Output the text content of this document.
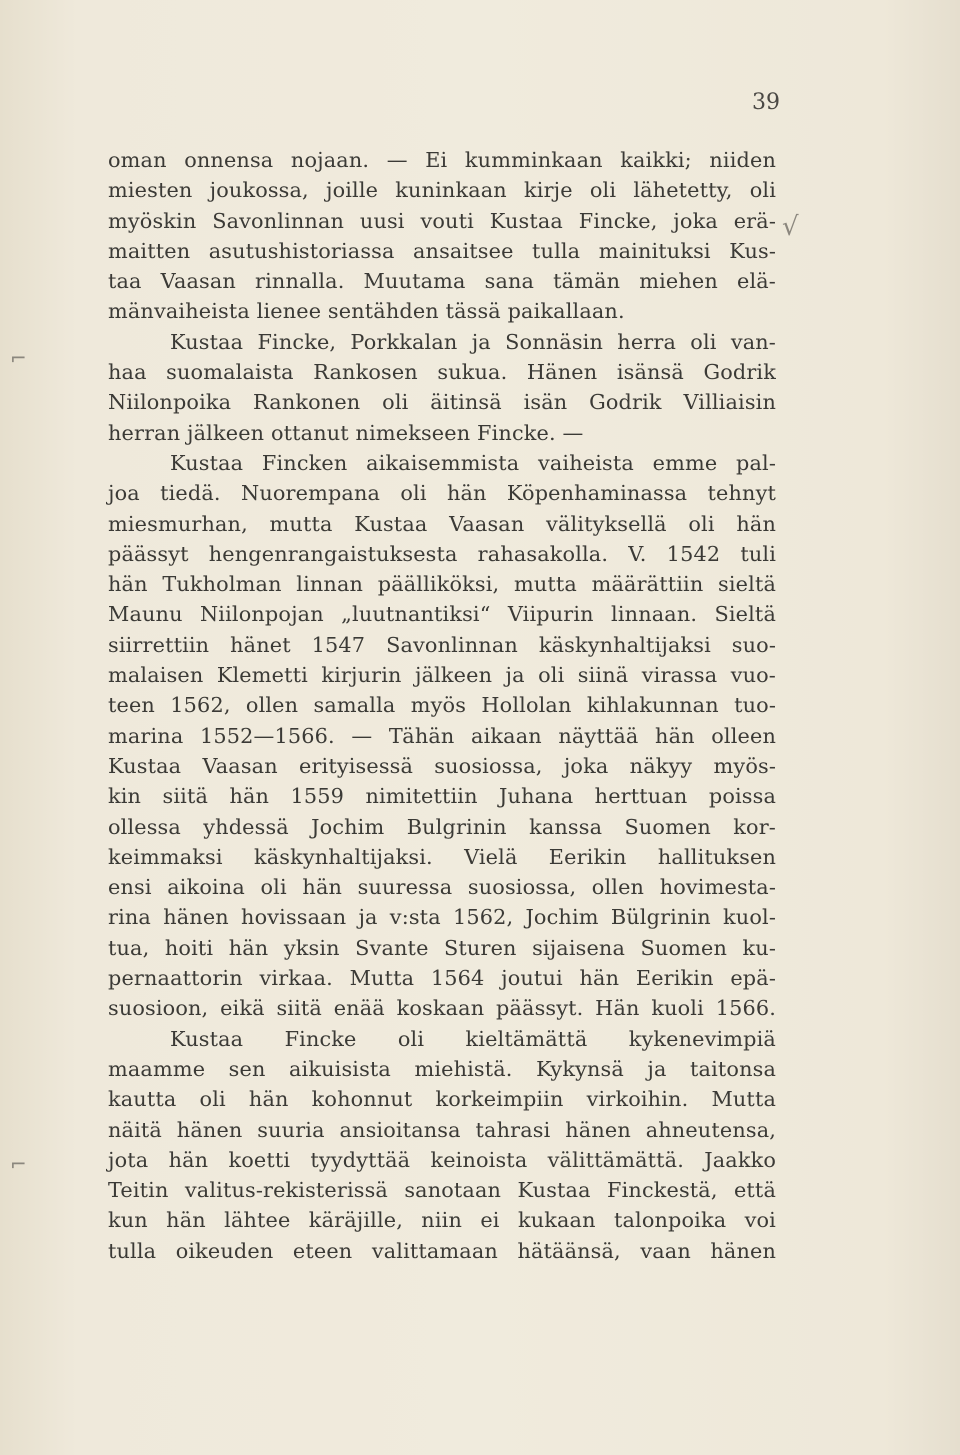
39
√
⌐
⌐
oman onnensa nojaan. — Ei kumminkaan kaikki; niiden
miesten joukossa, joille kuninkaan kirje oli lähetetty, oli
myöskin Savonlinnan uusi vouti Kustaa Fincke, joka erä-
maitten asutushistoriassa ansaitsee tulla mainituksi Kus-
taa Vaasan rinnalla. Muutama sana tämän miehen elä-
mänvaiheista lienee sentähden tässä paikallaan.
Kustaa Fincke, Porkkalan ja Sonnäsin herra oli van-
haa suomalaista Rankosen sukua. Hänen isänsä Godrik
Niilonpoika Rankonen oli äitinsä isän Godrik Villiaisin
herran jälkeen ottanut nimekseen Fincke. —
Kustaa Fincken aikaisemmista vaiheista emme pal-
joa tiedä. Nuorempana oli hän Köpenhaminassa tehnyt
miesmurhan, mutta Kustaa Vaasan välityksellä oli hän
päässyt hengenrangaistuksesta rahasakolla. V. 1542 tuli
hän Tukholman linnan päälliköksi, mutta määrättiin sieltä
Maunu Niilonpojan „luutnantiksi“ Viipurin linnaan. Sieltä
siirrettiin hänet 1547 Savonlinnan käskynhaltijaksi suo-
malaisen Klemetti kirjurin jälkeen ja oli siinä virassa vuo-
teen 1562, ollen samalla myös Hollolan kihlakunnan tuo-
marina 1552—1566. — Tähän aikaan näyttää hän olleen
Kustaa Vaasan erityisessä suosiossa, joka näkyy myös-
kin siitä hän 1559 nimitettiin Juhana herttuan poissa
ollessa yhdessä Jochim Bulgrinin kanssa Suomen kor-
keimmaksi käskynhaltijaksi. Vielä Eerikin hallituksen
ensi aikoina oli hän suuressa suosiossa, ollen hovimesta-
rina hänen hovissaan ja v:sta 1562, Jochim Bülgrinin kuol-
tua, hoiti hän yksin Svante Sturen sijaisena Suomen ku-
pernaattorin virkaa. Mutta 1564 joutui hän Eerikin epä-
suosioon, eikä siitä enää koskaan päässyt. Hän kuoli 1566.
Kustaa Fincke oli kieltämättä kykenevimpiä
maamme sen aikuisista miehistä. Kykynsä ja taitonsa
kautta oli hän kohonnut korkeimpiin virkoihin. Mutta
näitä hänen suuria ansioitansa tahrasi hänen ahneutensa,
jota hän koetti tyydyttää keinoista välittämättä. Jaakko
Teitin valitus-rekisterissä sanotaan Kustaa Finckestä, että
kun hän lähtee käräjille, niin ei kukaan talonpoika voi
tulla oikeuden eteen valittamaan hätäänsä, vaan hänen
